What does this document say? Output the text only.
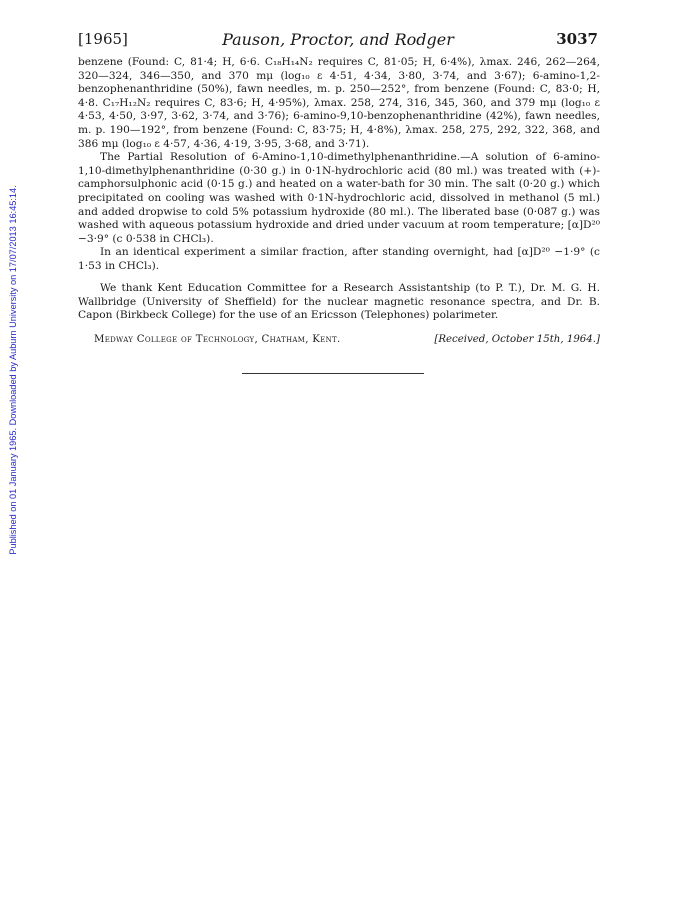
[1965]	Pauson, Proctor, and Rodger	3037
Published on 01 January 1965. Downloaded by Auburn University on 17/07/2013 16:45:14.

benzene (Found: C, 81·4; H, 6·6. C₁₈H₁₄N₂ requires C, 81·05; H, 6·4%), λmax. 246, 262—264, 320—324, 346—350, and 370 mμ (log₁₀ ε 4·51, 4·34, 3·80, 3·74, and 3·67); 6-amino-1,2-benzophenanthridine (50%), fawn needles, m. p. 250—252°, from benzene (Found: C, 83·0; H, 4·8. C₁₇H₁₂N₂ requires C, 83·6; H, 4·95%), λmax. 258, 274, 316, 345, 360, and 379 mμ (log₁₀ ε 4·53, 4·50, 3·97, 3·62, 3·74, and 3·76); 6-amino-9,10-benzophenanthridine (42%), fawn needles, m. p. 190—192°, from benzene (Found: C, 83·75; H, 4·8%), λmax. 258, 275, 292, 322, 368, and 386 mμ (log₁₀ ε 4·57, 4·36, 4·19, 3·95, 3·68, and 3·71).

The Partial Resolution of 6-Amino-1,10-dimethylphenanthridine.—A solution of 6-amino-1,10-dimethylphenanthridine (0·30 g.) in 0·1N-hydrochloric acid (80 ml.) was treated with (+)-camphorsulphonic acid (0·15 g.) and heated on a water-bath for 30 min. The salt (0·20 g.) which precipitated on cooling was washed with 0·1N-hydrochloric acid, dissolved in methanol (5 ml.) and added dropwise to cold 5% potassium hydroxide (80 ml.). The liberated base (0·087 g.) was washed with aqueous potassium hydroxide and dried under vacuum at room temperature; [α]D²⁰ −3·9° (c 0·538 in CHCl₃).

In an identical experiment a similar fraction, after standing overnight, had [α]D²⁰ −1·9° (c 1·53 in CHCl₃).

We thank Kent Education Committee for a Research Assistantship (to P. T.), Dr. M. G. H. Wallbridge (University of Sheffield) for the nuclear magnetic resonance spectra, and Dr. B. Capon (Birkbeck College) for the use of an Ericsson (Telephones) polarimeter.

Medway College of Technology, Chatham, Kent.	[Received, October 15th, 1964.]
